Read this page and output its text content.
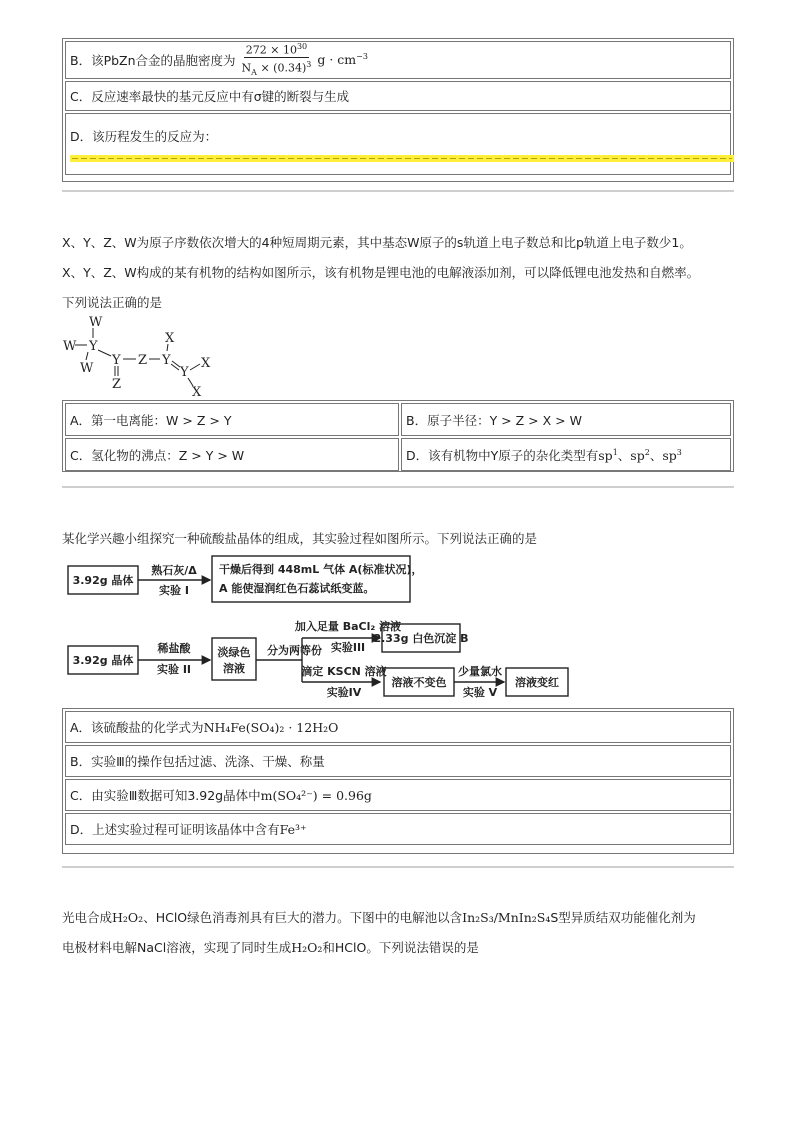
B．该PbZn合金的晶胞密度为 $\frac{272 \times 10^{30}}{N_A \times (0.34)^3}$ $g \cdot cm^{-3}$
C．反应速率最快的基元反应中有σ键的断裂与生成
D．该历程发生的反应为：
X、Y、Z、W为原子序数依次增大的4种短周期元素，其中基态W原子的s轨道上电子数总和比p轨道上电子数少1。
X、Y、Z、W构成的某有机物的结构如图所示，该有机物是锂电池的电解液添加剂，可以降低锂电池发热和自燃率。
下列说法正确的是
W
W Y
W
Y
Z
Z Y
X
Y
X
X
A．第一电离能：W > Z > Y	B．原子半径：Y > Z > X > W
C．氢化物的沸点：Z > Y > W	D．该有机物中Y原子的杂化类型有 $sp^1$、$sp^2$、$sp^3$
某化学兴趣小组探究一种硫酸盐晶体的组成，其实验过程如图所示。下列说法正确的是
3.92g 晶体
熟石灰/Δ
实验 I
干燥后得到 448mL 气体 A(标准状况)，
A 能使湿润红色石蕊试纸变蓝。
3.92g 晶体
稀盐酸
实验 II
淡绿色
溶液
分为两等份
加入足量 BaCl₂ 溶液
实验III
2.33g 白色沉淀 B
滴定 KSCN 溶液
实验IV
溶液不变色
少量氯水
实验 V
溶液变红
A．该硫酸盐的化学式为 NH₄Fe(SO₄)₂ · 12H₂O
B．实验Ⅲ的操作包括过滤、洗涤、干燥、称量
C．由实验Ⅲ数据可知3.92g晶体中 m(SO₄²⁻) = 0.96g
D．上述实验过程可证明该晶体中含有 Fe³⁺
光电合成H₂O₂、HClO绿色消毒剂具有巨大的潜力。下图中的电解池以含In₂S₃/MnIn₂S₄S型异质结双功能催化剂为
电极材料电解NaCl溶液，实现了同时生成H₂O₂和HClO。下列说法错误的是
